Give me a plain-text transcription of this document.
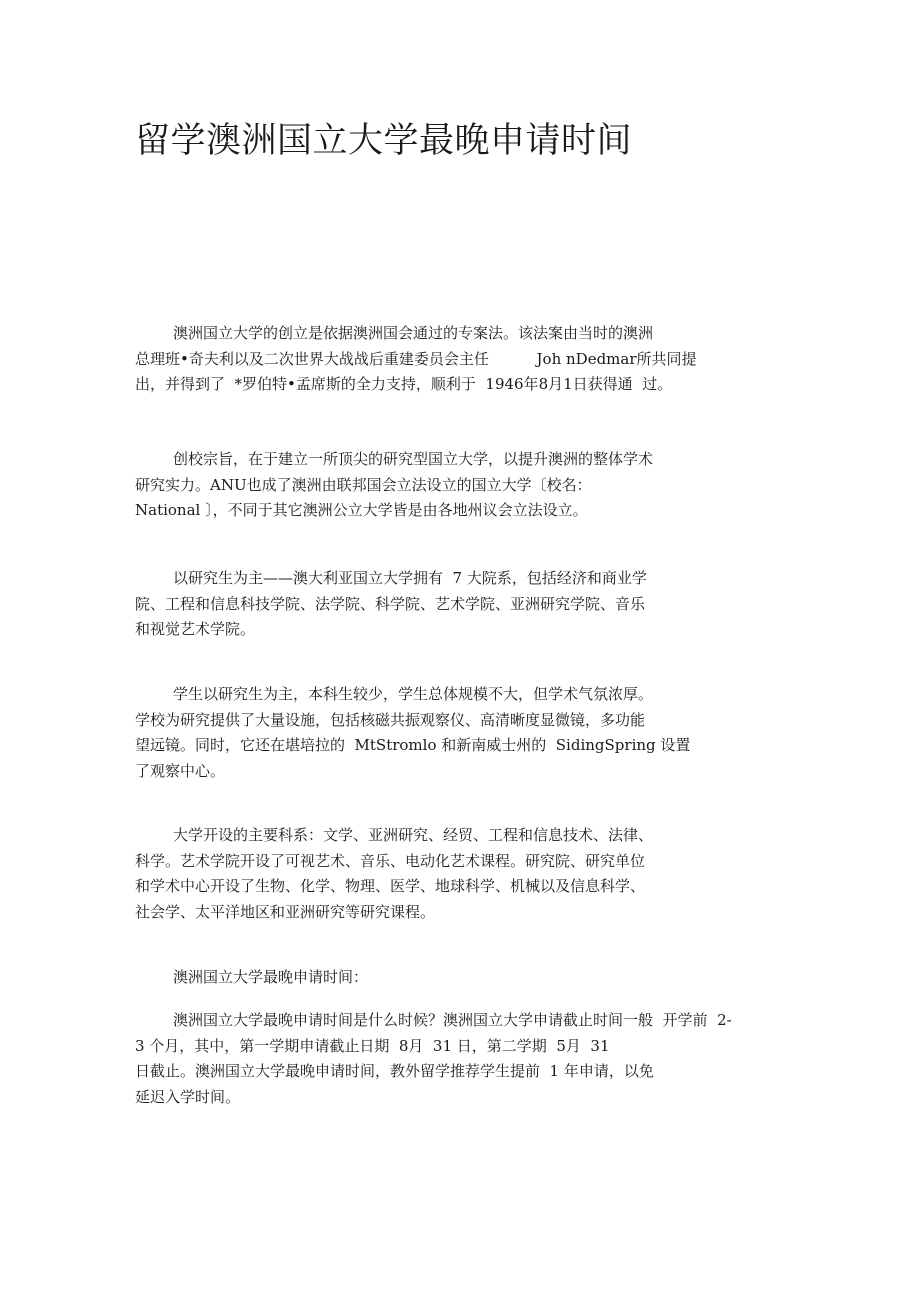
留学澳洲国立大学最晚申请时间
澳洲国立大学的创立是依据澳洲国会通过的专案法。该法案由当时的澳洲
总理班•奇夫利以及二次世界大战战后重建委员会主任          Joh nDedmar所共同提
出，并得到了  *罗伯特•孟席斯的全力支持，顺利于  1946年8月1日获得通  过。
创校宗旨，在于建立一所顶尖的研究型国立大学，以提升澳洲的整体学术
研究实力。ANU也成了澳洲由联邦国会立法设立的国立大学〔校名：
National 〕，不同于其它澳洲公立大学皆是由各地州议会立法设立。
以研究生为主——澳大利亚国立大学拥有  7 大院系，包括经济和商业学
院、工程和信息科技学院、法学院、科学院、艺术学院、亚洲研究学院、音乐
和视觉艺术学院。
学生以研究生为主，本科生较少，学生总体规模不大，但学术气氛浓厚。
学校为研究提供了大量设施，包括核磁共振观察仪、高清晰度显微镜，多功能
望远镜。同时，它还在堪培拉的  MtStromlo 和新南威士州的  SidingSpring 设置
了观察中心。
大学开设的主要科系：文学、亚洲研究、经贸、工程和信息技术、法律、
科学。艺术学院开设了可视艺术、音乐、电动化艺术课程。研究院、研究单位
和学术中心开设了生物、化学、物理、医学、地球科学、机械以及信息科学、
社会学、太平洋地区和亚洲研究等研究课程。
澳洲国立大学最晚申请时间：
澳洲国立大学最晚申请时间是什么时候？澳洲国立大学申请截止时间一般  开学前  2-
3 个月，其中，第一学期申请截止日期  8月  31 日，第二学期  5月  31
日截止。澳洲国立大学最晚申请时间，教外留学推荐学生提前  1 年申请，以免
延迟入学时间。
